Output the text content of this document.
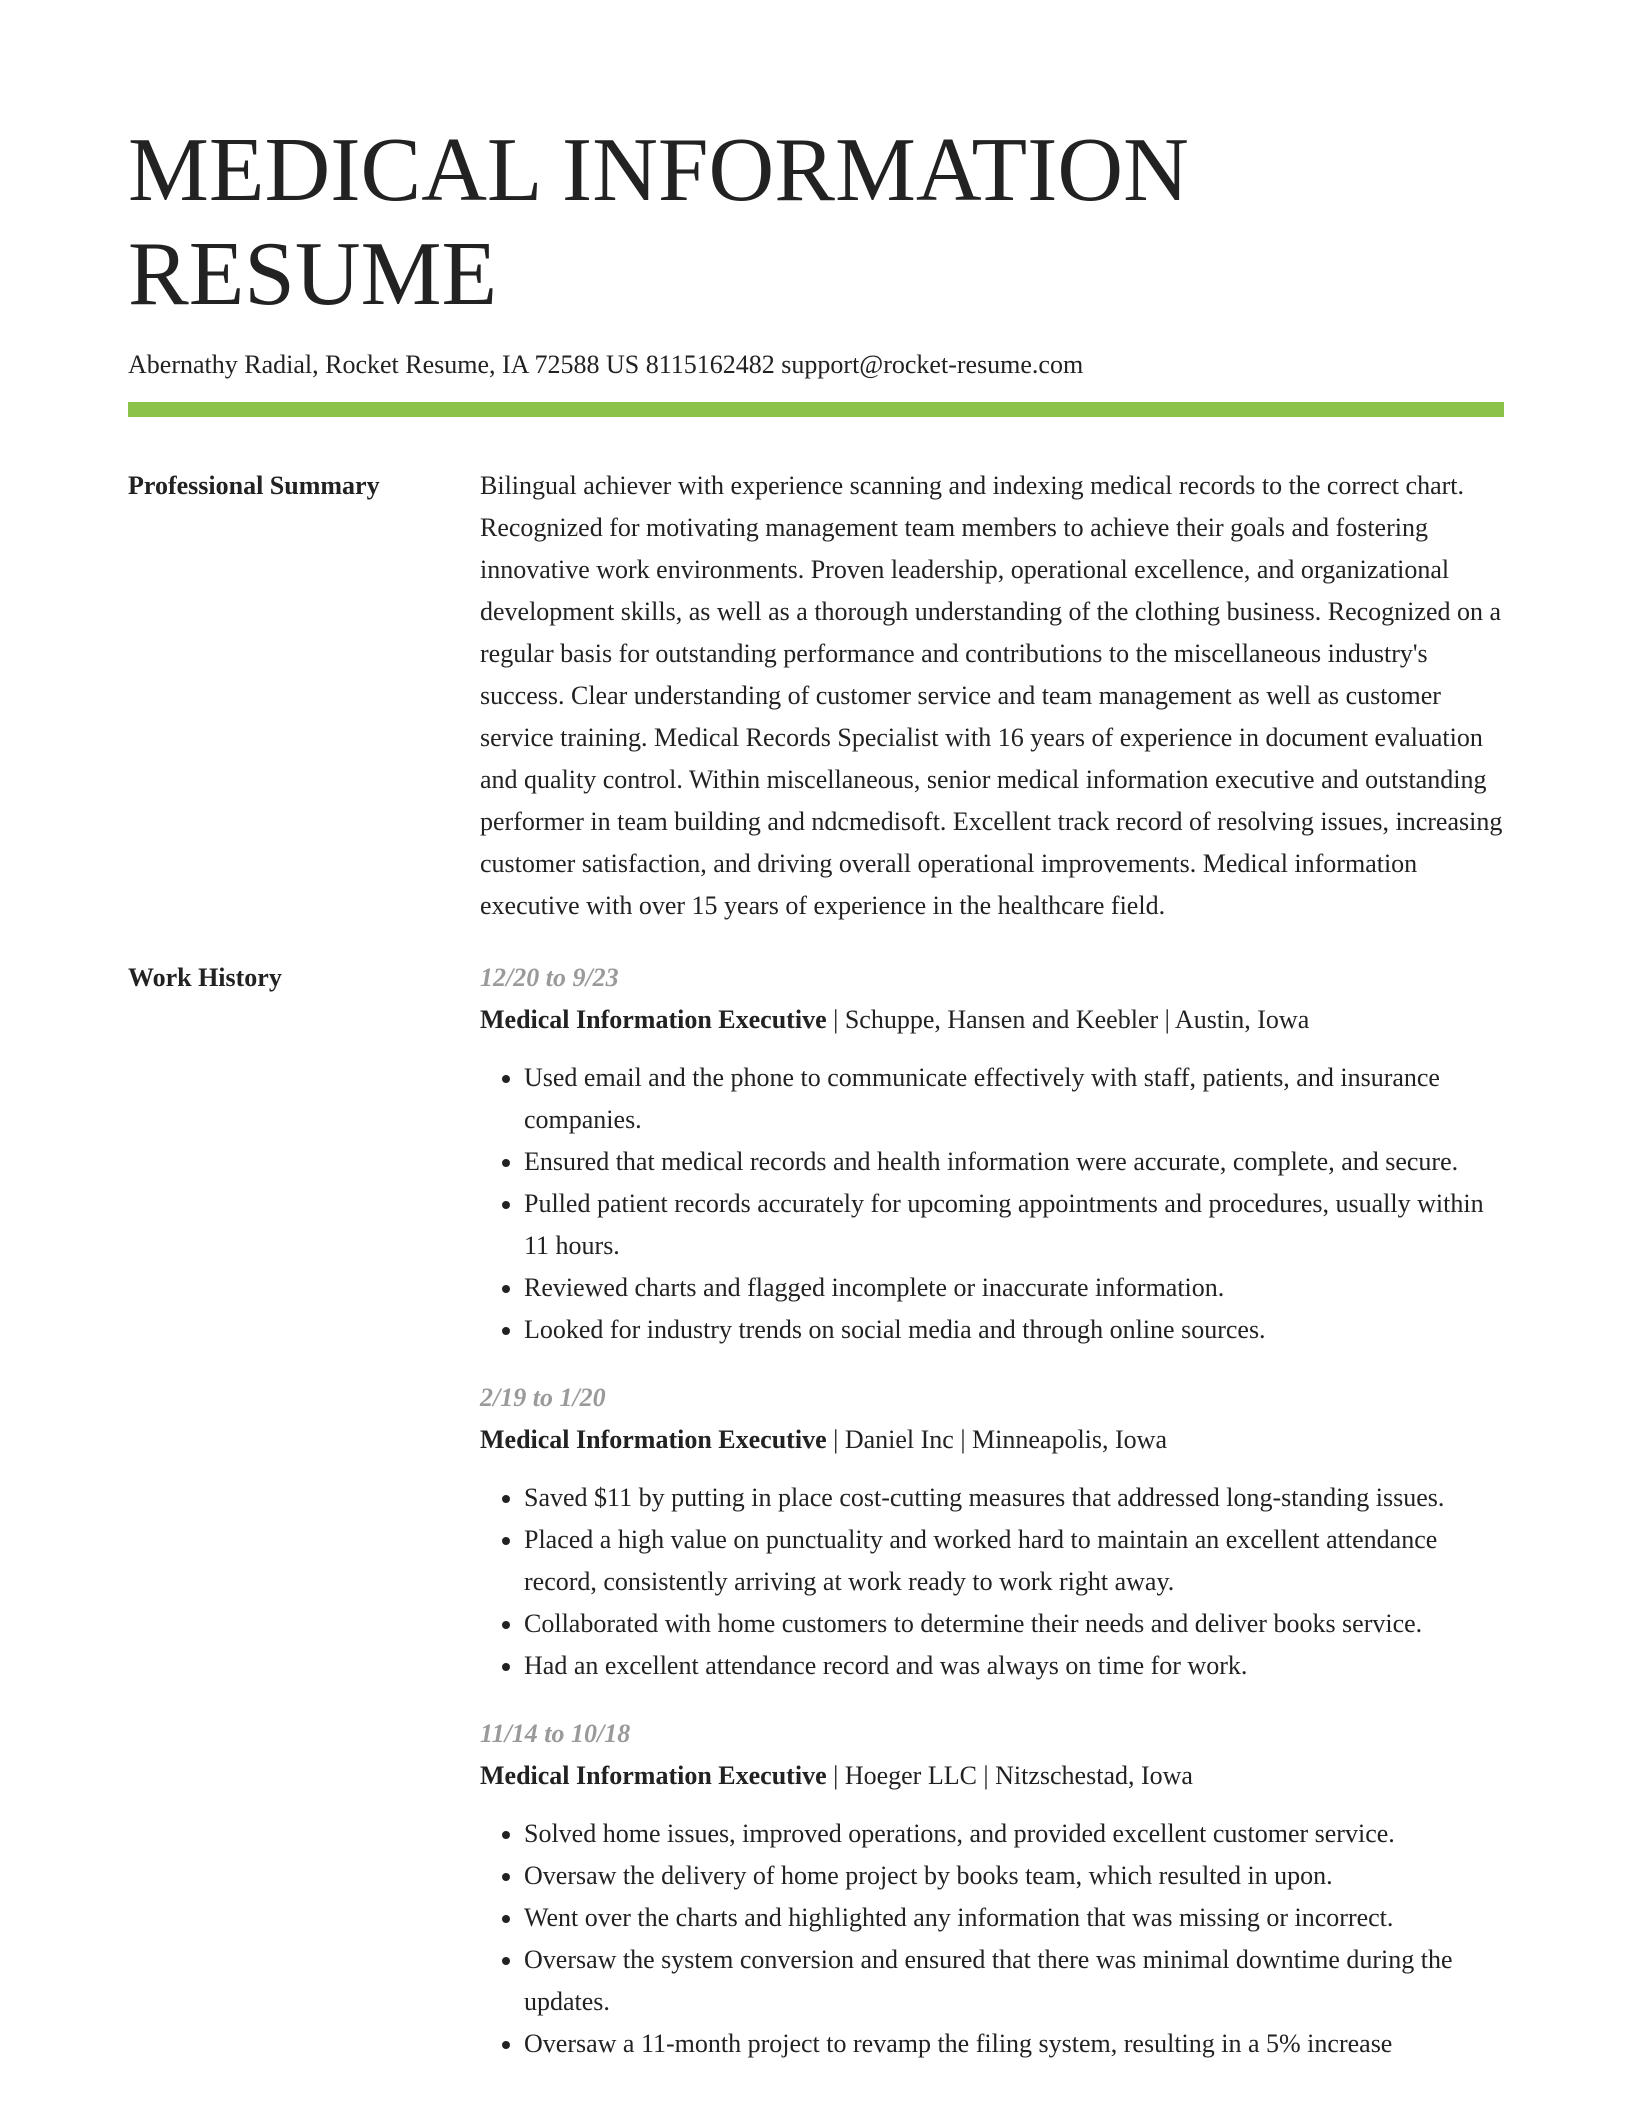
MEDICAL INFORMATION RESUME
Abernathy Radial, Rocket Resume, IA 72588 US 8115162482 support@rocket-resume.com
Professional Summary	Bilingual achiever with experience scanning and indexing medical records to the correct chart. Recognized for motivating management team members to achieve their goals and fostering innovative work environments. Proven leadership, operational excellence, and organizational development skills, as well as a thorough understanding of the clothing business. Recognized on a regular basis for outstanding performance and contributions to the miscellaneous industry's success. Clear understanding of customer service and team management as well as customer service training. Medical Records Specialist with 16 years of experience in document evaluation and quality control. Within miscellaneous, senior medical information executive and outstanding performer in team building and ndcmedisoft. Excellent track record of resolving issues, increasing customer satisfaction, and driving overall operational improvements. Medical information executive with over 15 years of experience in the healthcare field.

Work History	12/20 to 9/23
Medical Information Executive | Schuppe, Hansen and Keebler | Austin, Iowa
• Used email and the phone to communicate effectively with staff, patients, and insurance companies.
• Ensured that medical records and health information were accurate, complete, and secure.
• Pulled patient records accurately for upcoming appointments and procedures, usually within 11 hours.
• Reviewed charts and flagged incomplete or inaccurate information.
• Looked for industry trends on social media and through online sources.
2/19 to 1/20
Medical Information Executive | Daniel Inc | Minneapolis, Iowa
• Saved $11 by putting in place cost-cutting measures that addressed long-standing issues.
• Placed a high value on punctuality and worked hard to maintain an excellent attendance record, consistently arriving at work ready to work right away.
• Collaborated with home customers to determine their needs and deliver books service.
• Had an excellent attendance record and was always on time for work.
11/14 to 10/18
Medical Information Executive | Hoeger LLC | Nitzschestad, Iowa
• Solved home issues, improved operations, and provided excellent customer service.
• Oversaw the delivery of home project by books team, which resulted in upon.
• Went over the charts and highlighted any information that was missing or incorrect.
• Oversaw the system conversion and ensured that there was minimal downtime during the updates.
• Oversaw a 11-month project to revamp the filing system, resulting in a 5% increase
